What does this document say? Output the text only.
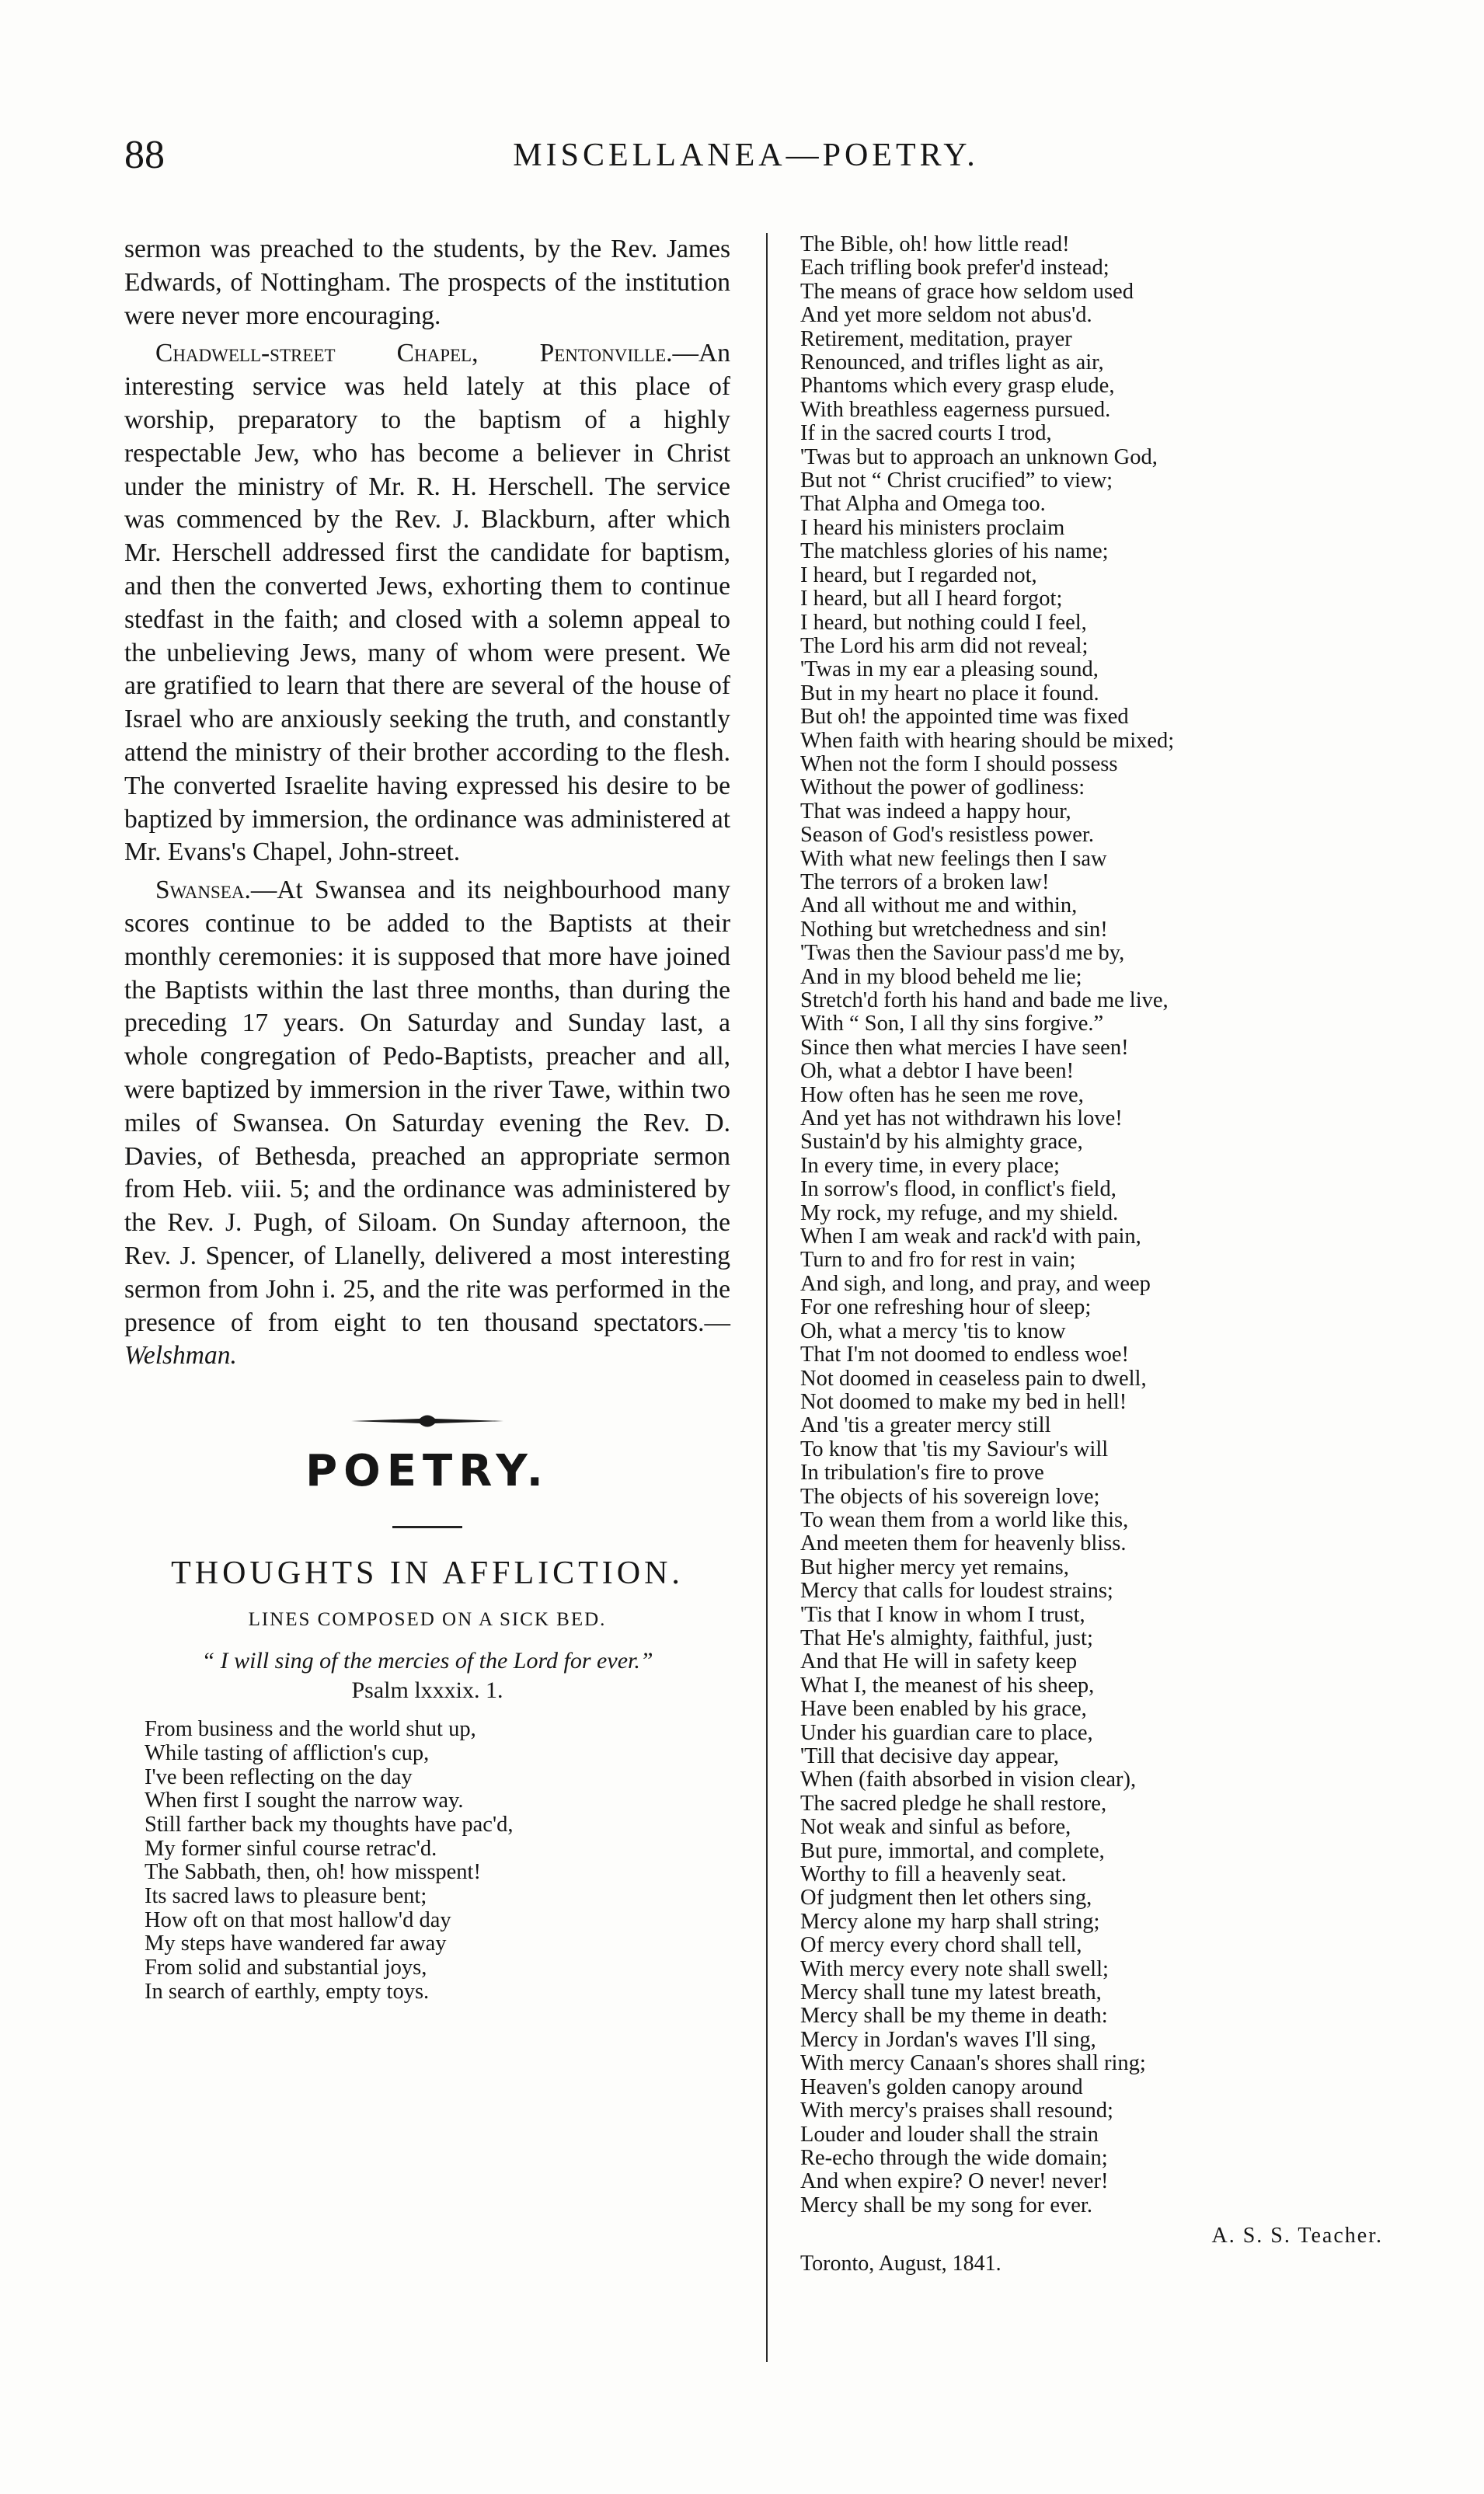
88	MISCELLANEA—POETRY.

sermon was preached to the students, by the Rev. James Edwards, of Nottingham. The prospects of the institution were never more encouraging.

Chadwell-street Chapel, Pentonville.—An interesting service was held lately at this place of worship, preparatory to the baptism of a highly respectable Jew, who has become a believer in Christ under the ministry of Mr. R. H. Herschell. The service was commenced by the Rev. J. Blackburn, after which Mr. Herschell addressed first the candidate for baptism, and then the converted Jews, exhorting them to continue stedfast in the faith; and closed with a solemn appeal to the unbelieving Jews, many of whom were present. We are gratified to learn that there are several of the house of Israel who are anxiously seeking the truth, and constantly attend the ministry of their brother according to the flesh. The converted Israelite having expressed his desire to be baptized by immersion, the ordinance was administered at Mr. Evans's Chapel, John-street.

Swansea.—At Swansea and its neighbourhood many scores continue to be added to the Baptists at their monthly ceremonies: it is supposed that more have joined the Baptists within the last three months, than during the preceding 17 years. On Saturday and Sunday last, a whole congregation of Pedo-Baptists, preacher and all, were baptized by immersion in the river Tawe, within two miles of Swansea. On Saturday evening the Rev. D. Davies, of Bethesda, preached an appropriate sermon from Heb. viii. 5; and the ordinance was administered by the Rev. J. Pugh, of Siloam. On Sunday afternoon, the Rev. J. Spencer, of Llanelly, delivered a most interesting sermon from John i. 25, and the rite was performed in the presence of from eight to ten thousand spectators.—Welshman.

POETRY.
THOUGHTS IN AFFLICTION.
LINES COMPOSED ON A SICK BED.

“ I will sing of the mercies of the Lord for ever.”

Psalm lxxxix. 1.

From business and the world shut up,
While tasting of affliction's cup,
I've been reflecting on the day
When first I sought the narrow way.
Still farther back my thoughts have pac'd,
My former sinful course retrac'd.
The Sabbath, then, oh! how misspent!
Its sacred laws to pleasure bent;
How oft on that most hallow'd day
My steps have wandered far away
From solid and substantial joys,
In search of earthly, empty toys.
The Bible, oh! how little read!
Each trifling book prefer'd instead;
The means of grace how seldom used
And yet more seldom not abus'd.
Retirement, meditation, prayer
Renounced, and trifles light as air,
Phantoms which every grasp elude,
With breathless eagerness pursued.
If in the sacred courts I trod,
'Twas but to approach an unknown God,
But not “ Christ crucified” to view;
That Alpha and Omega too.
I heard his ministers proclaim
The matchless glories of his name;
I heard, but I regarded not,
I heard, but all I heard forgot;
I heard, but nothing could I feel,
The Lord his arm did not reveal;
'Twas in my ear a pleasing sound,
But in my heart no place it found.
But oh! the appointed time was fixed
When faith with hearing should be mixed;
When not the form I should possess
Without the power of godliness:
That was indeed a happy hour,
Season of God's resistless power.
With what new feelings then I saw
The terrors of a broken law!
And all without me and within,
Nothing but wretchedness and sin!
'Twas then the Saviour pass'd me by,
And in my blood beheld me lie;
Stretch'd forth his hand and bade me live,
With “ Son, I all thy sins forgive.”
Since then what mercies I have seen!
Oh, what a debtor I have been!
How often has he seen me rove,
And yet has not withdrawn his love!
Sustain'd by his almighty grace,
In every time, in every place;
In sorrow's flood, in conflict's field,
My rock, my refuge, and my shield.
When I am weak and rack'd with pain,
Turn to and fro for rest in vain;
And sigh, and long, and pray, and weep
For one refreshing hour of sleep;
Oh, what a mercy 'tis to know
That I'm not doomed to endless woe!
Not doomed in ceaseless pain to dwell,
Not doomed to make my bed in hell!
And 'tis a greater mercy still
To know that 'tis my Saviour's will
In tribulation's fire to prove
The objects of his sovereign love;
To wean them from a world like this,
And meeten them for heavenly bliss.
But higher mercy yet remains,
Mercy that calls for loudest strains;
'Tis that I know in whom I trust,
That He's almighty, faithful, just;
And that He will in safety keep
What I, the meanest of his sheep,
Have been enabled by his grace,
Under his guardian care to place,
'Till that decisive day appear,
When (faith absorbed in vision clear),
The sacred pledge he shall restore,
Not weak and sinful as before,
But pure, immortal, and complete,
Worthy to fill a heavenly seat.
Of judgment then let others sing,
Mercy alone my harp shall string;
Of mercy every chord shall tell,
With mercy every note shall swell;
Mercy shall tune my latest breath,
Mercy shall be my theme in death:
Mercy in Jordan's waves I'll sing,
With mercy Canaan's shores shall ring;
Heaven's golden canopy around
With mercy's praises shall resound;
Louder and louder shall the strain
Re-echo through the wide domain;
And when expire? O never! never!
Mercy shall be my song for ever.

A. S. S. Teacher.

Toronto, August, 1841.
